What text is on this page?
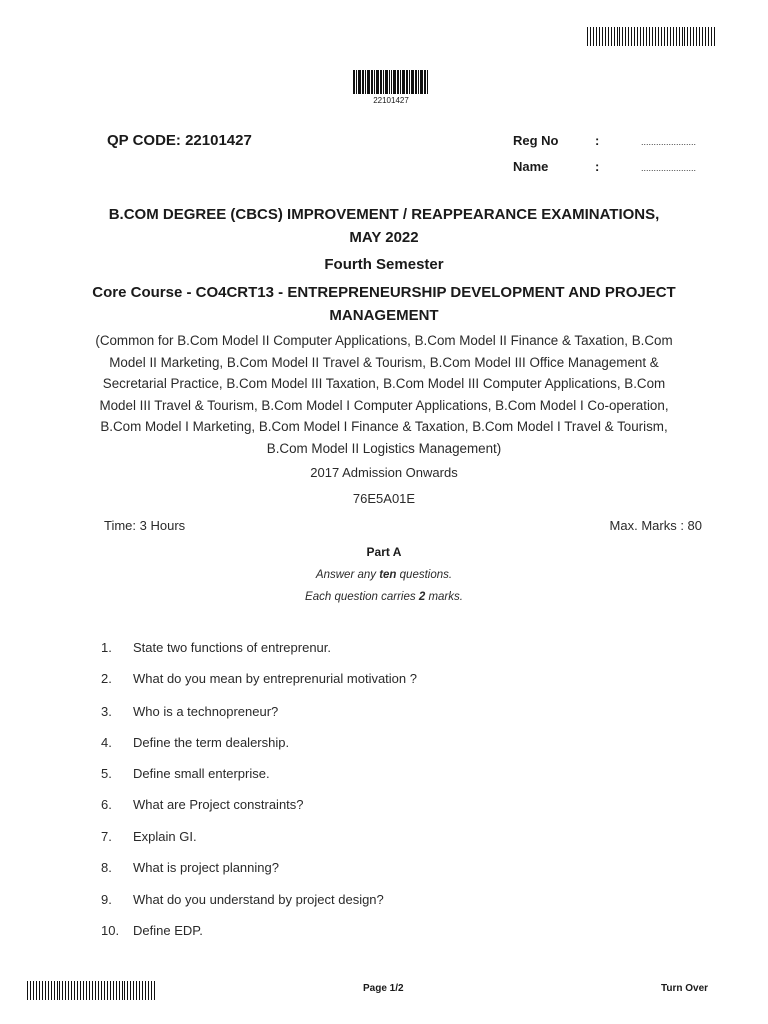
22101427
QP CODE: 22101427	Reg No	:	......................
Name	:	......................
B.COM DEGREE (CBCS) IMPROVEMENT / REAPPEARANCE EXAMINATIONS,
MAY 2022
Fourth Semester
Core Course - CO4CRT13 - ENTREPRENEURSHIP DEVELOPMENT AND PROJECT
MANAGEMENT
(Common for B.Com Model II Computer Applications, B.Com Model II Finance & Taxation, B.Com
Model II Marketing, B.Com Model II Travel & Tourism, B.Com Model III Office Management &
Secretarial Practice, B.Com Model III Taxation, B.Com Model III Computer Applications, B.Com
Model III Travel & Tourism, B.Com Model I Computer Applications, B.Com Model I Co-operation,
B.Com Model I Marketing, B.Com Model I Finance & Taxation, B.Com Model I Travel & Tourism,
B.Com Model II Logistics Management)
2017 Admission Onwards
76E5A01E
Time: 3 Hours	Max. Marks : 80
Part A
Answer any ten questions.
Each question carries 2 marks.
1.	State two functions of entreprenur.
2.	What do you mean by entreprenurial motivation ?
3.	Who is a technopreneur?
4.	Define the term dealership.
5.	Define small enterprise.
6.	What are Project constraints?
7.	Explain GI.
8.	What is project planning?
9.	What do you understand by project design?
10.	Define EDP.
Page 1/2	Turn Over
